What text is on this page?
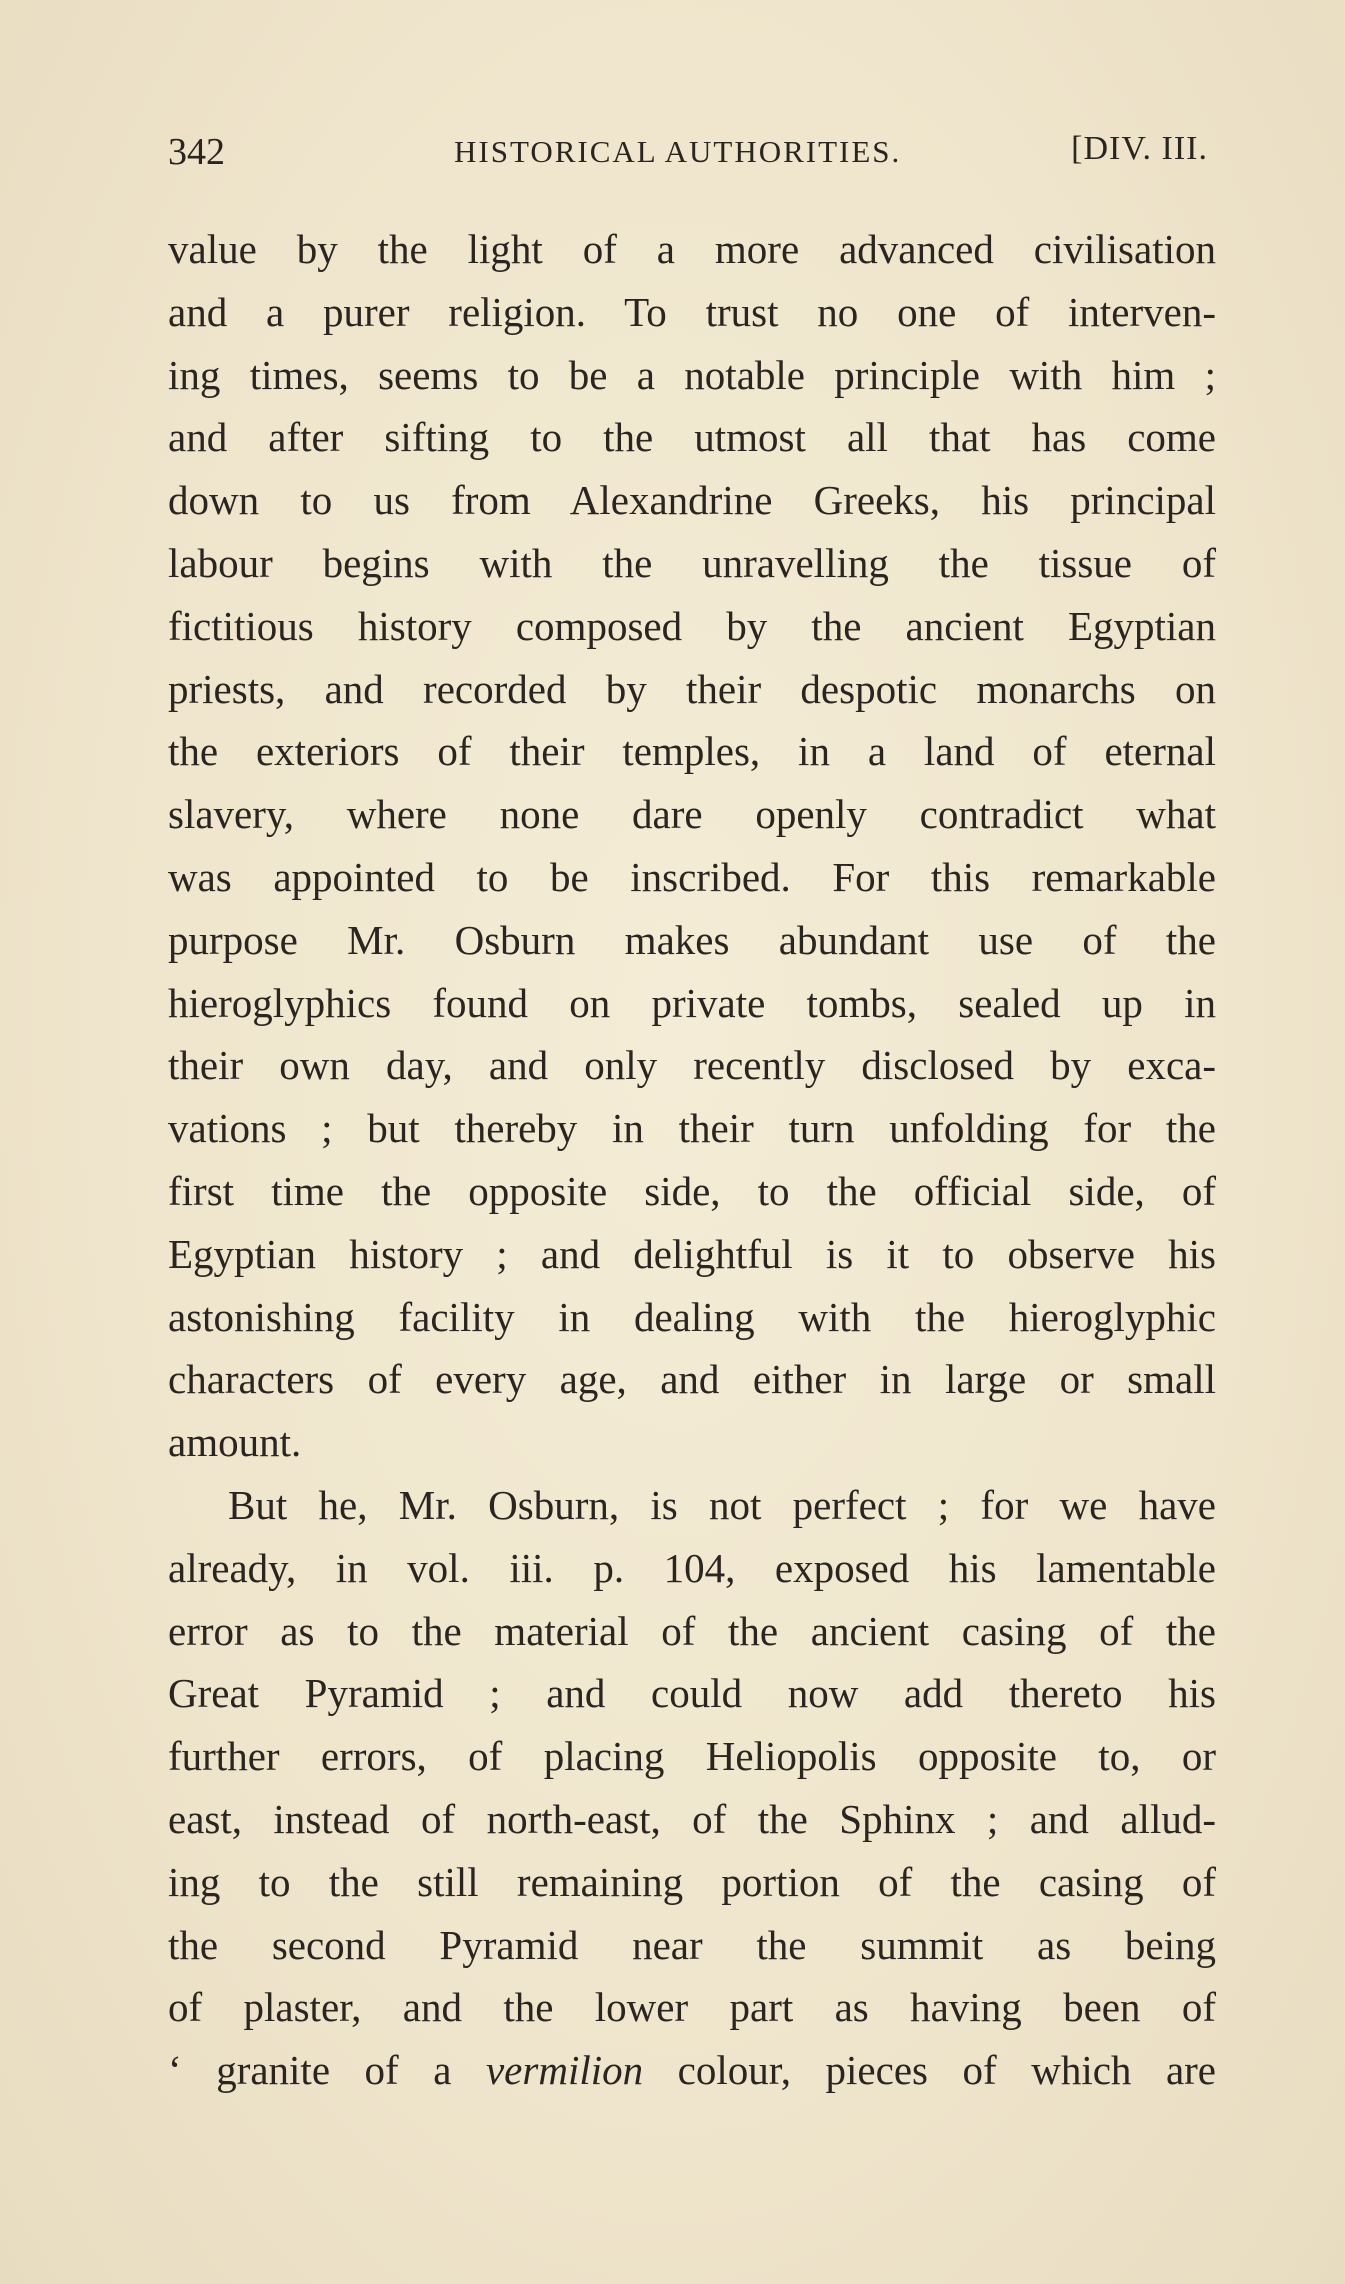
342	HISTORICAL AUTHORITIES.	[DIV. III.
value by the light of a more advanced civilisation
and a purer religion. To trust no one of interven-
ing times, seems to be a notable principle with him ;
and after sifting to the utmost all that has come
down to us from Alexandrine Greeks, his principal
labour begins with the unravelling the tissue of
fictitious history composed by the ancient Egyptian
priests, and recorded by their despotic monarchs on
the exteriors of their temples, in a land of eternal
slavery, where none dare openly contradict what
was appointed to be inscribed. For this remarkable
purpose Mr. Osburn makes abundant use of the
hieroglyphics found on private tombs, sealed up in
their own day, and only recently disclosed by exca-
vations ; but thereby in their turn unfolding for the
first time the opposite side, to the official side, of
Egyptian history ; and delightful is it to observe his
astonishing facility in dealing with the hieroglyphic
characters of every age, and either in large or small
amount.
But he, Mr. Osburn, is not perfect ; for we have
already, in vol. iii. p. 104, exposed his lamentable
error as to the material of the ancient casing of the
Great Pyramid ; and could now add thereto his
further errors, of placing Heliopolis opposite to, or
east, instead of north-east, of the Sphinx ; and allud-
ing to the still remaining portion of the casing of
the second Pyramid near the summit as being
of plaster, and the lower part as having been of
‘ granite of a vermilion colour, pieces of which are
